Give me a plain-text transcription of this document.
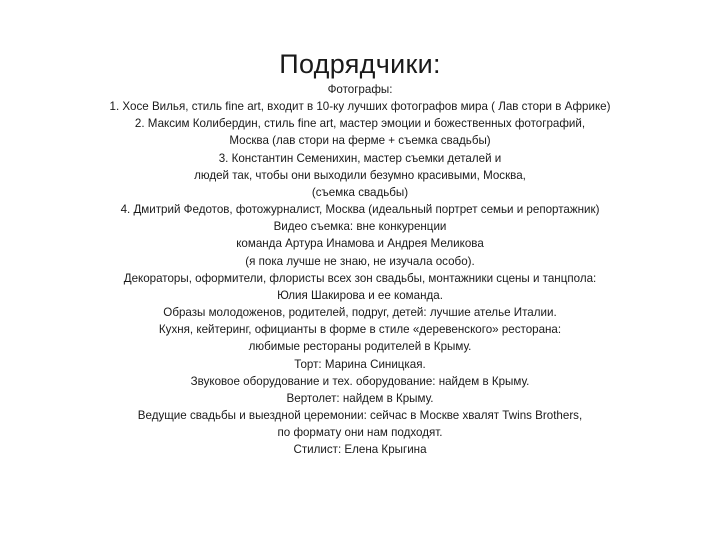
Подрядчики:
Фотографы:
1. Хосе Вилья, стиль fine art, входит в 10-ку лучших фотографов мира ( Лав стори в Африке)
2. Максим Колибердин, стиль fine art, мастер эмоции и божественных фотографий,
Москва (лав стори на ферме + съемка свадьбы)
3. Константин Семенихин, мастер съемки деталей и
людей так, чтобы они выходили безумно красивыми, Москва,
(съемка свадьбы)
4. Дмитрий Федотов, фотожурналист, Москва (идеальный портрет семьи и репортажник)
Видео съемка: вне конкуренции
команда Артура Инамова и Андрея Меликова
(я пока лучше не знаю, не изучала особо).
Декораторы, оформители, флористы всех зон свадьбы, монтажники сцены и танцпола:
Юлия Шакирова и ее команда.
Образы молодоженов, родителей, подруг, детей: лучшие ателье Италии.
Кухня, кейтеринг, официанты в форме в стиле «деревенского» ресторана:
любимые рестораны родителей в Крыму.
Торт: Марина Синицкая.
Звуковое оборудование и тех. оборудование: найдем в Крыму.
Вертолет: найдем в Крыму.
Ведущие свадьбы и выездной церемонии: сейчас в Москве хвалят Twins Brothers,
по формату они нам подходят.
Стилист: Елена Крыгина
